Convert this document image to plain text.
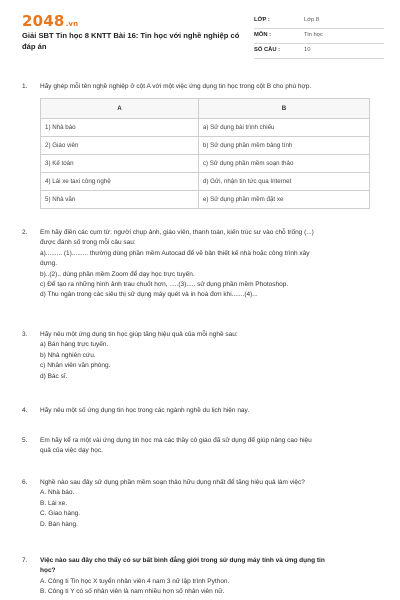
2048.vn
Giải SBT Tin học 8 KNTT Bài 16: Tin học với nghề nghiệp có đáp án
LỚP :	Lớp 8
MÔN :	Tin học
SỐ CÂU :	10
1. Hãy ghép mỗi tên nghề nghiệp ở cột A với một việc ứng dụng tin học trong cột B cho phù hợp.
A	B
1) Nhà báo	a) Sử dụng bài trình chiếu
2) Giáo viên	b) Sử dụng phần mềm bảng tính
3) Kế toán	c) Sử dụng phần mềm soạn thảo
4) Lái xe taxi công nghệ	d) Gửi, nhận tin tức qua Internet
5) Nhà văn	e) Sử dụng phần mềm đặt xe
2. Em hãy điền các cụm từ: người chụp ảnh, giáo viên, thanh toán, kiến trúc sư vào chỗ trống (...)
được đánh số trong mỗi câu sau:
a)......... (1)......... thường dùng phần mềm Autocad để vẽ bản thiết kế nhà hoặc công trình xây
dựng.
b)..(2).. dùng phần mềm Zoom để dạy học trực tuyến.
c) Để tạo ra những hình ảnh trau chuốt hơn, .....(3)..... sử dụng phần mềm Photoshop.
d) Thu ngân trong các siêu thị sử dụng máy quét và in hoá đơn khi.......(4)...
3. Hãy nêu một ứng dụng tin học giúp tăng hiệu quả của mỗi nghề sau:
a) Bán hàng trực tuyến.
b) Nhà nghiên cứu.
c) Nhân viên văn phòng.
d) Bác sĩ.
4. Hãy nêu một số ứng dụng tin học trong các ngành nghề du lịch hiện nay.
5. Em hãy kể ra một vài ứng dụng tin học mà các thầy cô giáo đã sử dụng để giúp nâng cao hiệu
quả của việc dạy học.
6. Nghề nào sau đây sử dụng phần mềm soạn thảo hữu dụng nhất để tăng hiệu quả làm việc?
A. Nhà báo.
B. Lái xe.
C. Giao hàng.
D. Bán hàng.
7. Việc nào sau đây cho thấy có sự bất bình đẳng giới trong sử dụng máy tính và ứng dụng tin
học?
A. Công ti Tin học X tuyển nhân viên 4 nam 3 nữ lập trình Python.
B. Công ti Y có số nhân viên là nam nhiều hơn số nhân viên nữ.
